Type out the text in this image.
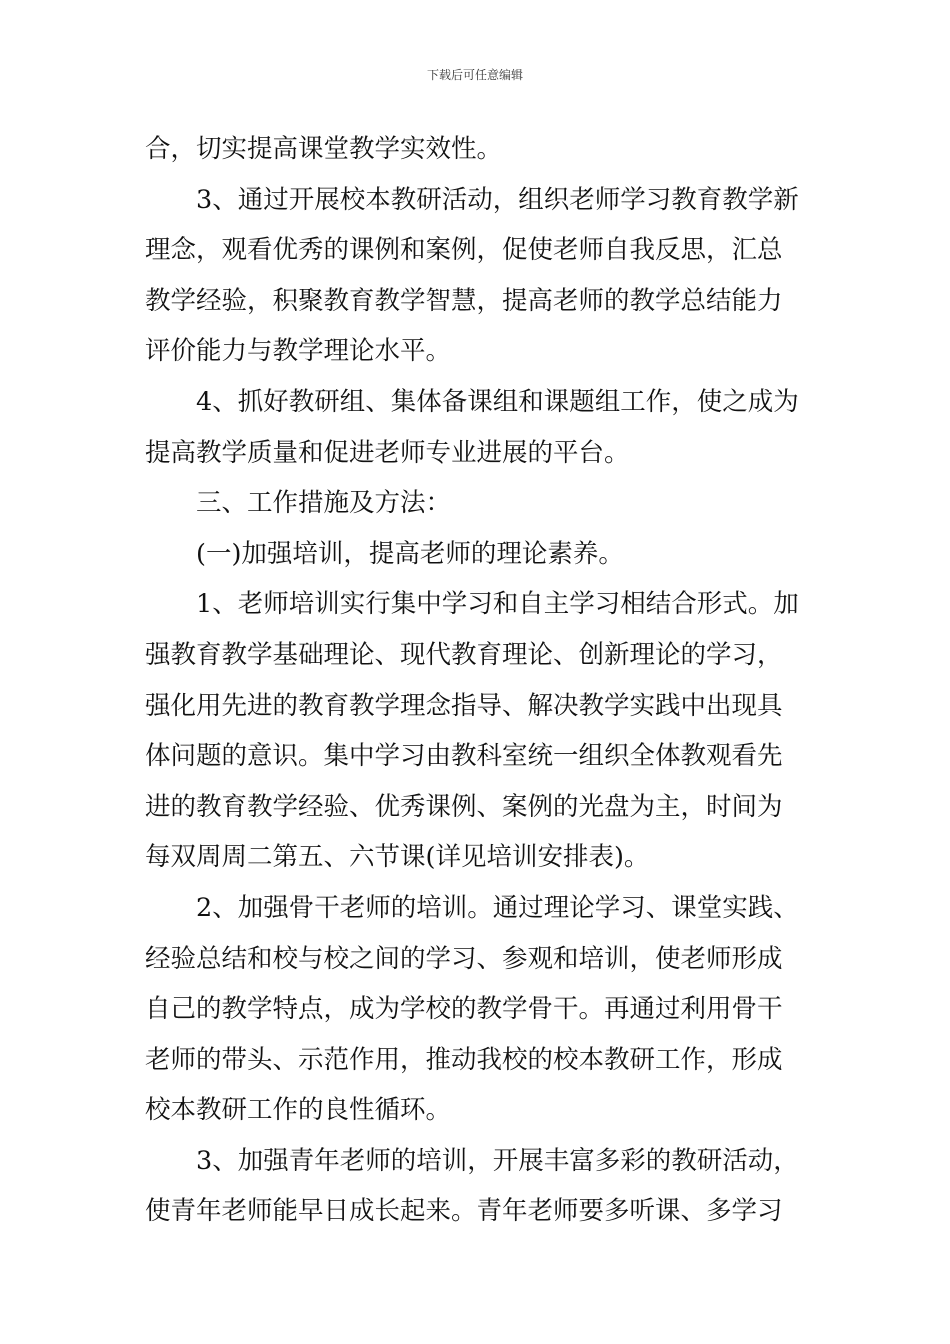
下载后可任意编辑
合，切实提高课堂教学实效性。
3、通过开展校本教研活动，组织老师学习教育教学新
理念，观看优秀的课例和案例，促使老师自我反思，汇总
教学经验，积聚教育教学智慧，提高老师的教学总结能力
评价能力与教学理论水平。
4、抓好教研组、集体备课组和课题组工作，使之成为
提高教学质量和促进老师专业进展的平台。
三、工作措施及方法：
(一)加强培训，提高老师的理论素养。
1、老师培训实行集中学习和自主学习相结合形式。加
强教育教学基础理论、现代教育理论、创新理论的学习，
强化用先进的教育教学理念指导、解决教学实践中出现具
体问题的意识。集中学习由教科室统一组织全体教观看先
进的教育教学经验、优秀课例、案例的光盘为主，时间为
每双周周二第五、六节课(详见培训安排表)。
2、加强骨干老师的培训。通过理论学习、课堂实践、
经验总结和校与校之间的学习、参观和培训，使老师形成
自己的教学特点，成为学校的教学骨干。再通过利用骨干
老师的带头、示范作用，推动我校的校本教研工作，形成
校本教研工作的良性循环。
3、加强青年老师的培训，开展丰富多彩的教研活动，
使青年老师能早日成长起来。青年老师要多听课、多学习
